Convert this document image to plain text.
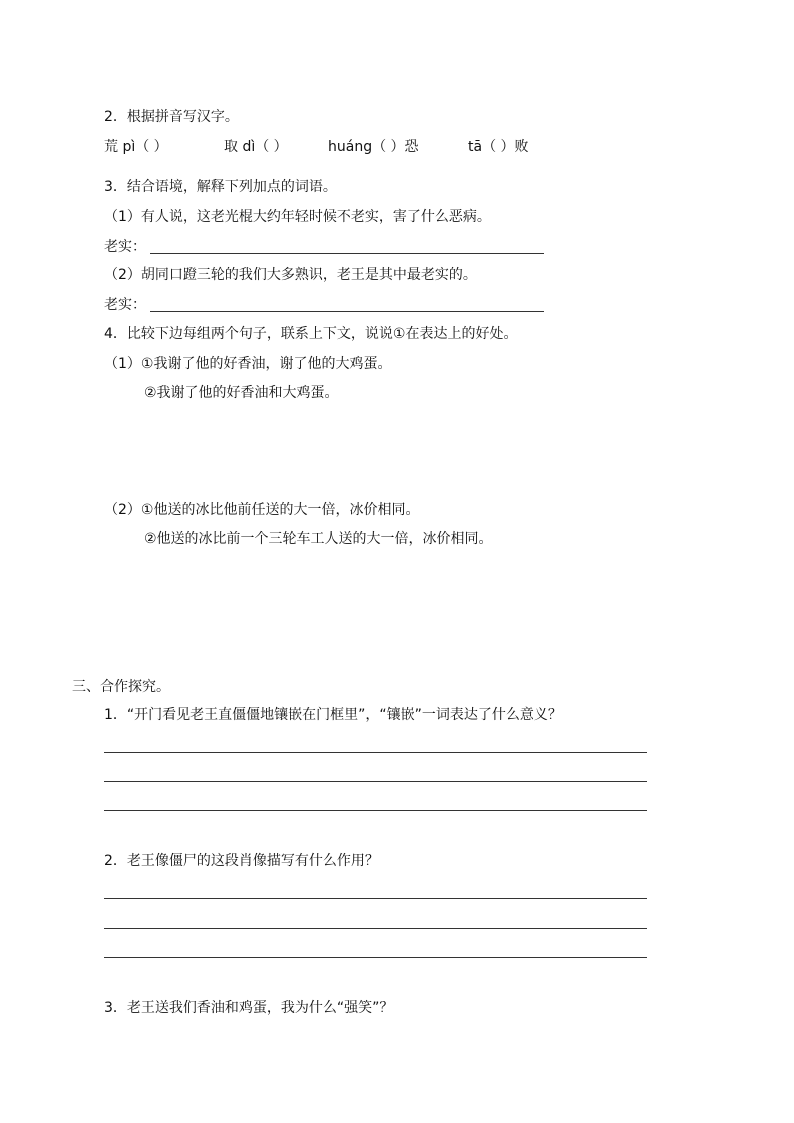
2．根据拼音写汉字。
荒 pì（ ）	取 dì（ ）	huáng（ ）恐	tā（ ）败
3．结合语境，解释下列加点的词语。
（1）有人说，这老光棍大约年轻时候不老实，害了什么恶病。
老实：
（2）胡同口蹬三轮的我们大多熟识，老王是其中最老实的。
老实：
4．比较下边每组两个句子，联系上下文，说说①在表达上的好处。
（1）①我谢了他的好香油，谢了他的大鸡蛋。
②我谢了他的好香油和大鸡蛋。
（2）①他送的冰比他前任送的大一倍，冰价相同。
②他送的冰比前一个三轮车工人送的大一倍，冰价相同。
三、合作探究。
1．“开门看见老王直僵僵地镶嵌在门框里”，“镶嵌”一词表达了什么意义？
2．老王像僵尸的这段肖像描写有什么作用？
3．老王送我们香油和鸡蛋，我为什么“强笑”？
